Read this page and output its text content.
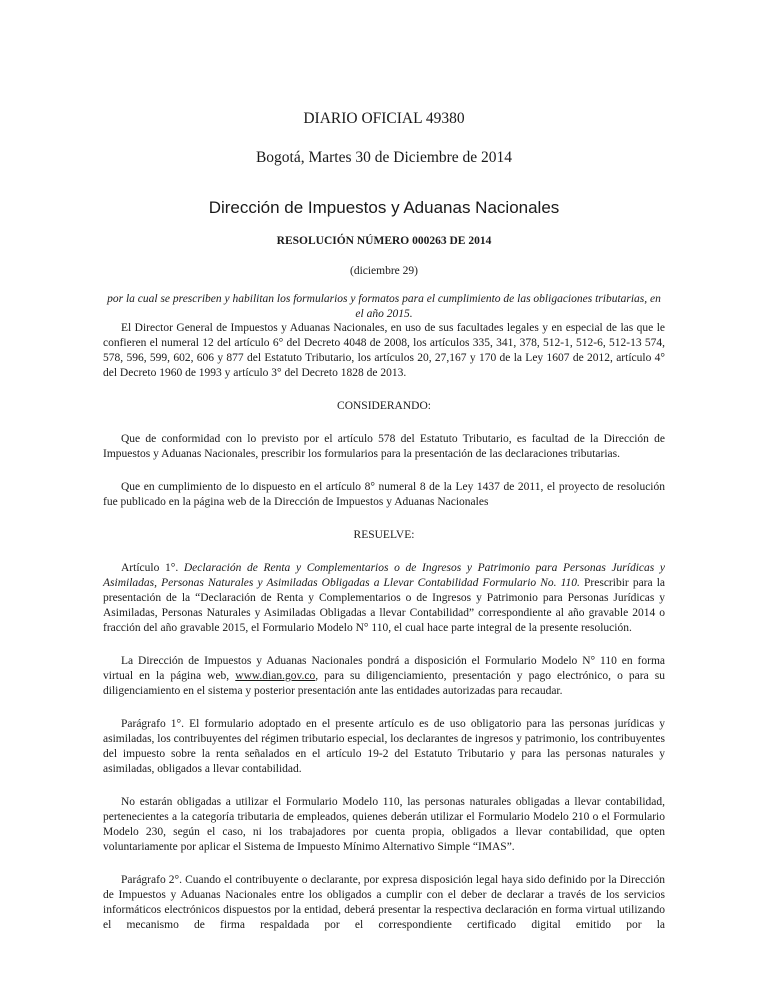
DIARIO OFICIAL 49380
Bogotá, Martes 30 de Diciembre de 2014
Dirección de Impuestos y Aduanas Nacionales
RESOLUCIÓN NÚMERO 000263 DE 2014
(diciembre 29)
por la cual se prescriben y habilitan los formularios y formatos para el cumplimiento de las obligaciones tributarias, en el año 2015.

El Director General de Impuestos y Aduanas Nacionales, en uso de sus facultades legales y en especial de las que le confieren el numeral 12 del artículo 6° del Decreto 4048 de 2008, los artículos 335, 341, 378, 512-1, 512-6, 512-13 574, 578, 596, 599, 602, 606 y 877 del Estatuto Tributario, los artículos 20, 27,167 y 170 de la Ley 1607 de 2012, artículo 4° del Decreto 1960 de 1993 y artículo 3° del Decreto 1828 de 2013.

CONSIDERANDO:

Que de conformidad con lo previsto por el artículo 578 del Estatuto Tributario, es facultad de la Dirección de Impuestos y Aduanas Nacionales, prescribir los formularios para la presentación de las declaraciones tributarias.

Que en cumplimiento de lo dispuesto en el artículo 8° numeral 8 de la Ley 1437 de 2011, el proyecto de resolución fue publicado en la página web de la Dirección de Impuestos y Aduanas Nacionales

RESUELVE:

Artículo 1°. Declaración de Renta y Complementarios o de Ingresos y Patrimonio para Personas Jurídicas y Asimiladas, Personas Naturales y Asimiladas Obligadas a Llevar Contabilidad Formulario No. 110. Prescribir para la presentación de la “Declaración de Renta y Complementarios o de Ingresos y Patrimonio para Personas Jurídicas y Asimiladas, Personas Naturales y Asimiladas Obligadas a llevar Contabilidad” correspondiente al año gravable 2014 o fracción del año gravable 2015, el Formulario Modelo N° 110, el cual hace parte integral de la presente resolución.

La Dirección de Impuestos y Aduanas Nacionales pondrá a disposición el Formulario Modelo N° 110 en forma virtual en la página web, www.dian.gov.co, para su diligenciamiento, presentación y pago electrónico, o para su diligenciamiento en el sistema y posterior presentación ante las entidades autorizadas para recaudar.

Parágrafo 1°. El formulario adoptado en el presente artículo es de uso obligatorio para las personas jurídicas y asimiladas, los contribuyentes del régimen tributario especial, los declarantes de ingresos y patrimonio, los contribuyentes del impuesto sobre la renta señalados en el artículo 19-2 del Estatuto Tributario y para las personas naturales y asimiladas, obligados a llevar contabilidad.

No estarán obligadas a utilizar el Formulario Modelo 110, las personas naturales obligadas a llevar contabilidad, pertenecientes a la categoría tributaria de empleados, quienes deberán utilizar el Formulario Modelo 210 o el Formulario Modelo 230, según el caso, ni los trabajadores por cuenta propia, obligados a llevar contabilidad, que opten voluntariamente por aplicar el Sistema de Impuesto Mínimo Alternativo Simple “IMAS”.

Parágrafo 2°. Cuando el contribuyente o declarante, por expresa disposición legal haya sido definido por la Dirección de Impuestos y Aduanas Nacionales entre los obligados a cumplir con el deber de declarar a través de los servicios informáticos electrónicos dispuestos por la entidad, deberá presentar la respectiva declaración en forma virtual utilizando el mecanismo de firma respaldada por el correspondiente certificado digital emitido por la
